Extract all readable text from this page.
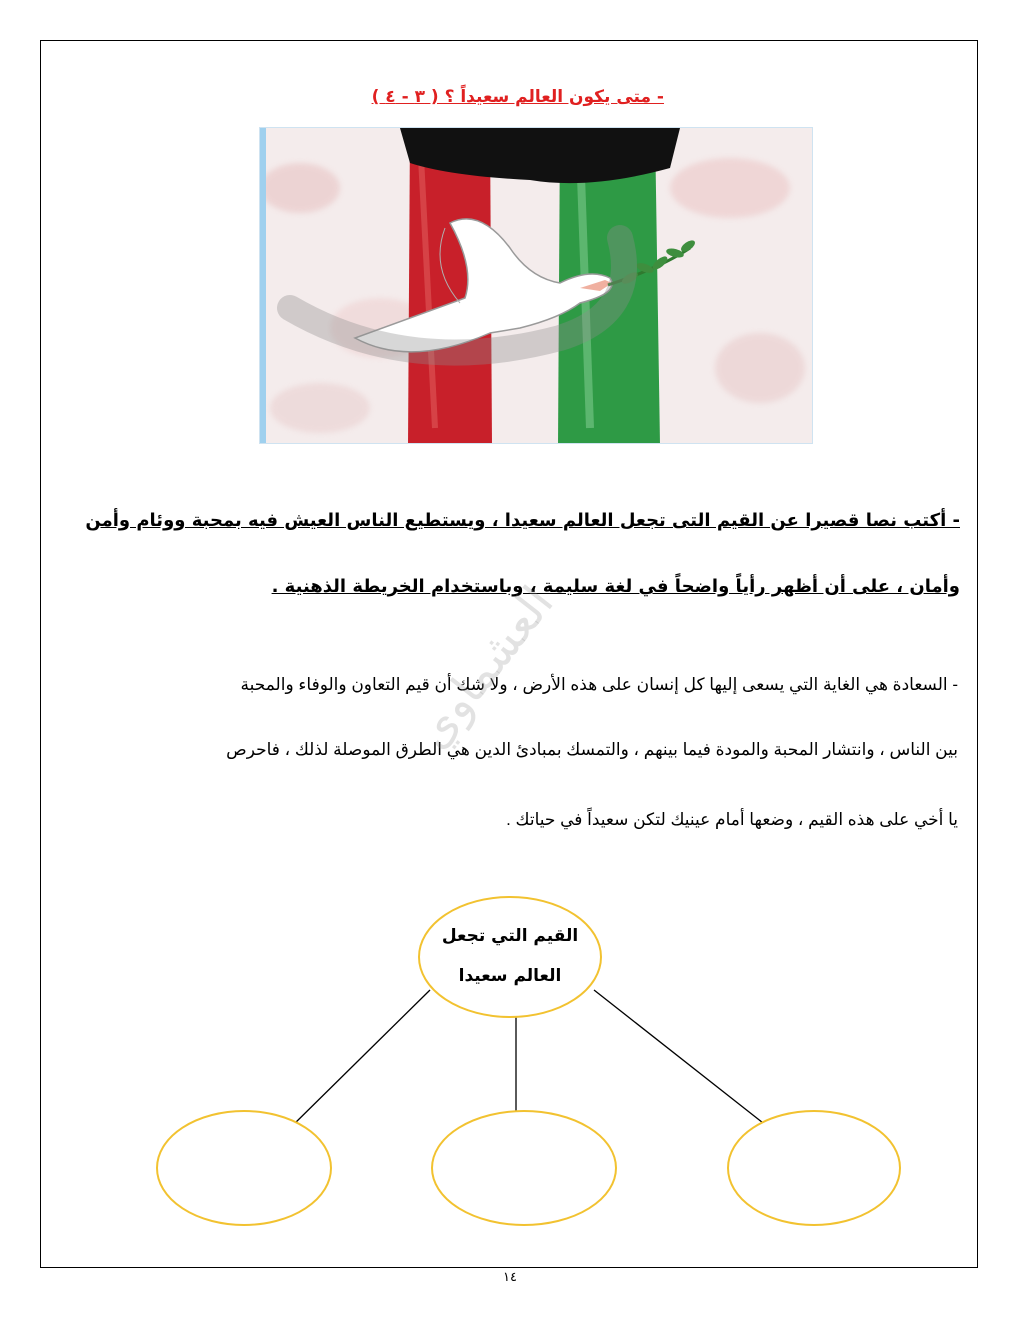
- متى يكون العالم سعيداً ؟ ( ٣ - ٤ )
- أكتب نصا قصيرا عن القيم التى تجعل العالم سعيدا ، ويستطيع الناس العيش فيه بمحبة ووئام وأمن
وأمان ، على أن أظهر رأياً واضحاً في لغة سليمة ، وباستخدام الخريطة الذهنية .
- السعادة هي الغاية التي يسعى إليها كل إنسان على هذه الأرض ، ولا شك أن قيم التعاون والوفاء والمحبة
بين الناس ، وانتشار المحبة والمودة فيما بينهم ، والتمسك بمبادئ الدين هي الطرق الموصلة لذلك ، فاحرص
يا أخي على هذه القيم ، وضعها أمام عينيك لتكن سعيداً في حياتك .
العشماوي
القيم التي تجعل
العالم سعيدا
١٤
